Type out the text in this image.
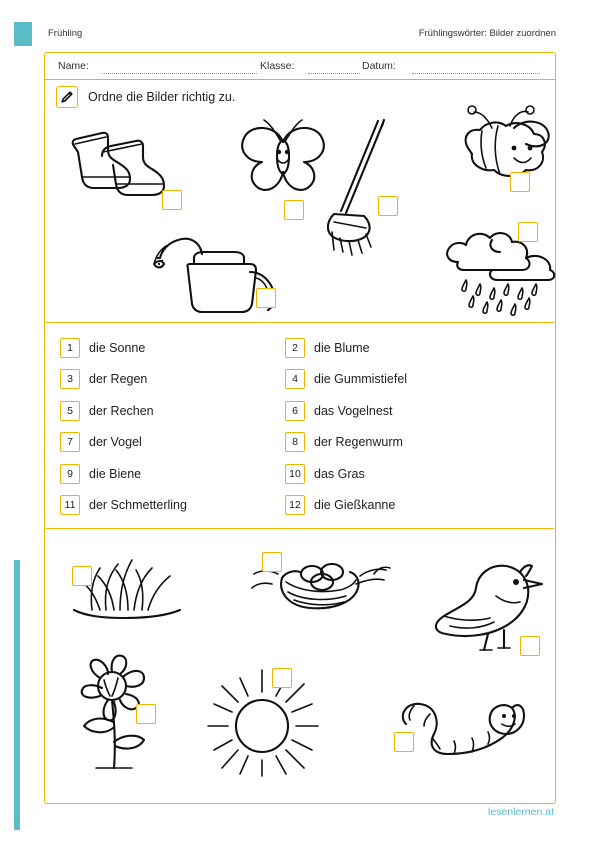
Frühling	Frühlingswörter: Bilder zuordnen
Name:	Klasse:	Datum:
Ordne die Bilder richtig zu.
1	die Sonne	2	die Blume
3	der Regen	4	die Gummistiefel
5	der Rechen	6	das Vogelnest
7	der Vogel	8	der Regenwurm
9	die Biene	10	das Gras
11	der Schmetterling	12	die Gießkanne
lesenlernen.at
